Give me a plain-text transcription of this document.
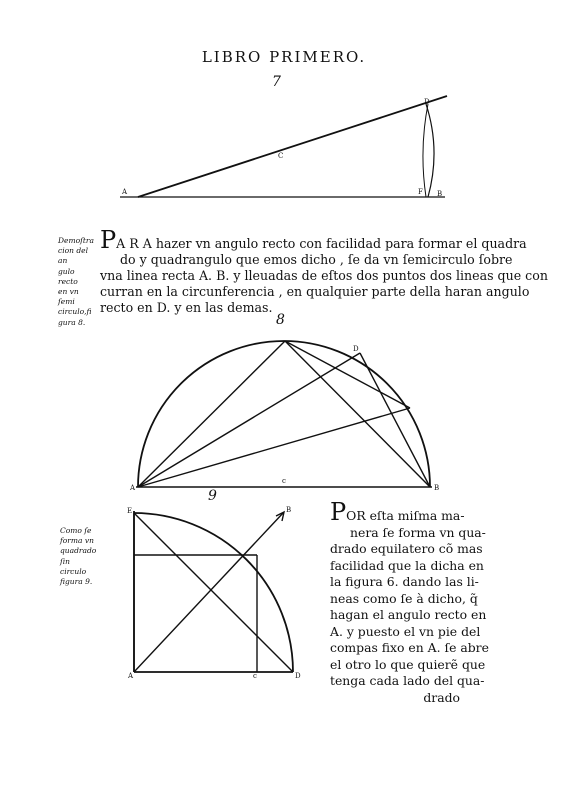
LIBRO PRIMERO.
7
8
9
A	B
C
D
F
A	B
c
D
E
A	c	D
B
Demoſtra
cion del an
gulo recto
en vn ſemi
circulo,fi
gura 8.
PA R A hazer vn angulo recto con facilidad para formar el quadra
do y quadrangulo que emos dicho , ſe da vn ſemicirculo ſobre
vna linea recta A. B. y lleuadas de eſtos dos puntos dos lineas que con
curran en la circunferencia , en qualquier parte della haran angulo
recto en D. y en las demas.
Como ſe
forma vn
quadrado
ſin circulo
figura 9.
POR eſta miſma ma-
nera ſe forma vn qua-
drado equilatero cõ mas
facilidad que la dicha en
la figura 6. dando las li-
neas como ſe à dicho, q̃
hagan el angulo recto en
A. y puesto el vn pie del
compas fixo en A. ſe abre
el otro lo que quierẽ que
tenga cada lado del qua-
drado
